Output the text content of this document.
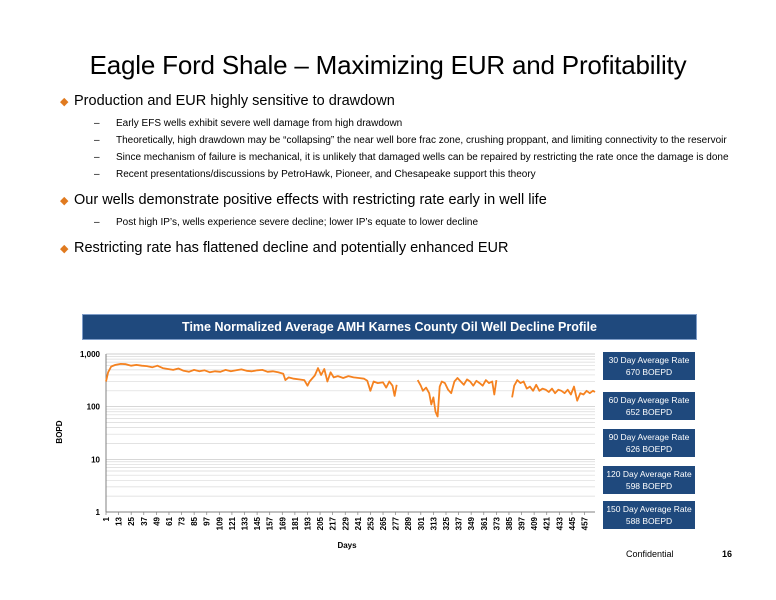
Eagle Ford Shale – Maximizing EUR and Profitability
◆ Production and EUR highly sensitive to drawdown
–	Early EFS wells exhibit severe well damage from high drawdown
–	Theoretically, high drawdown may be “collapsing” the near well bore frac zone, crushing proppant, and limiting connectivity to the reservoir
–	Since mechanism of failure is mechanical, it is unlikely that damaged wells can be repaired by restricting the rate once the damage is done
–	Recent presentations/discussions by PetroHawk, Pioneer, and Chesapeake support this theory
◆ Our wells demonstrate positive effects with restricting rate early in well life
–	Post high IP’s, wells experience severe decline; lower IP’s equate to lower decline
◆ Restricting rate has flattened decline and potentially enhanced EUR
Time Normalized Average AMH Karnes County Oil Well Decline Profile
1
10
100
1,000
1 13 25 37 49 61 73 85 97 109 121 133 145 157 169 181 193 205 217 229 241 253 265 277 289 301 313 325 337 349 361 373 385 397 409 421 433 445 457
BOPD
Days
30 Day Average Rate
670 BOEPD
60 Day Average Rate
652 BOEPD
90 Day Average Rate
626 BOEPD
120 Day Average Rate
598 BOEPD
150 Day Average Rate
588 BOEPD
Confidential	16
